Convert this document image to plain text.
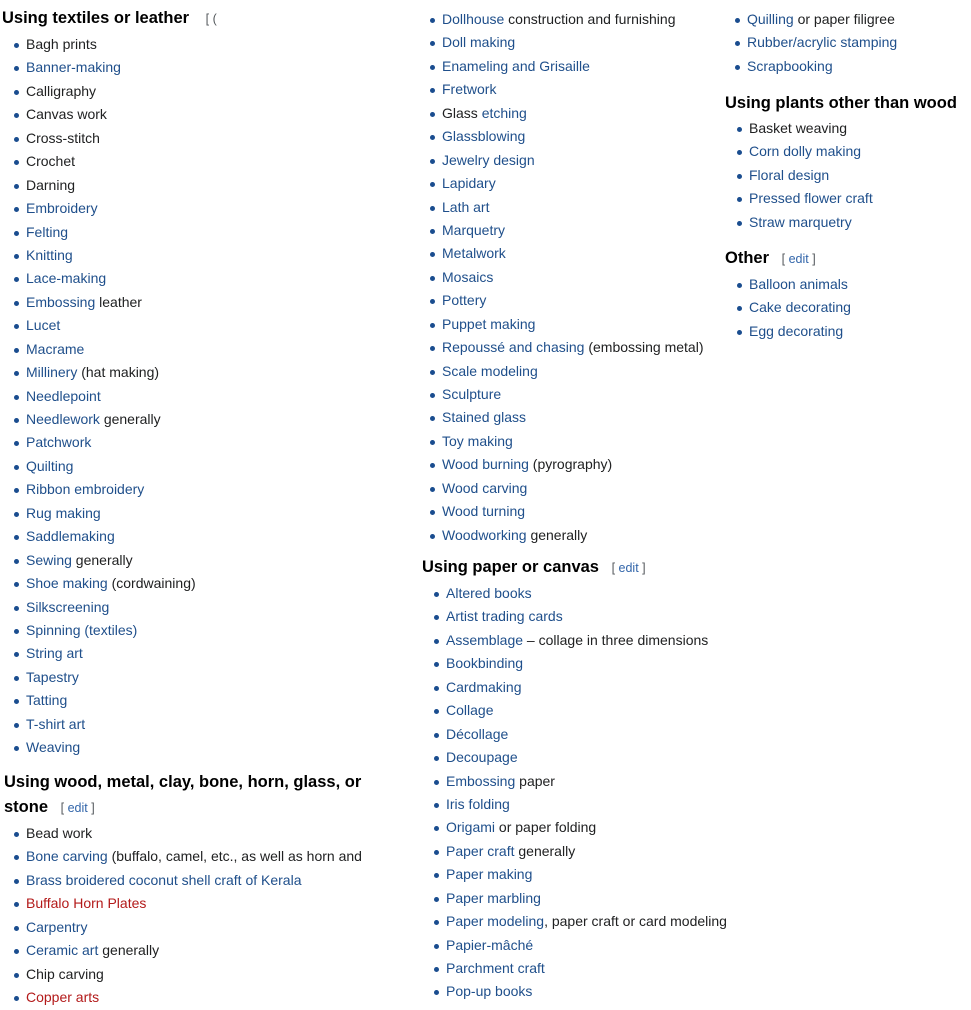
Using textiles or leather [ (
Bagh prints
Banner-making
Calligraphy
Canvas work
Cross-stitch
Crochet
Darning
Embroidery
Felting
Knitting
Lace-making
Embossing leather
Lucet
Macrame
Millinery (hat making)
Needlepoint
Needlework generally
Patchwork
Quilting
Ribbon embroidery
Rug making
Saddlemaking
Sewing generally
Shoe making (cordwaining)
Silkscreening
Spinning (textiles)
String art
Tapestry
Tatting
T-shirt art
Weaving
Using wood, metal, clay, bone, horn, glass, or
stone [ edit ]
Bead work
Bone carving (buffalo, camel, etc., as well as horn and
Brass broidered coconut shell craft of Kerala
Buffalo Horn Plates
Carpentry
Ceramic art generally
Chip carving
Copper arts
Dollhouse construction and furnishing
Doll making
Enameling and Grisaille
Fretwork
Glass etching
Glassblowing
Jewelry design
Lapidary
Lath art
Marquetry
Metalwork
Mosaics
Pottery
Puppet making
Repoussé and chasing (embossing metal)
Scale modeling
Sculpture
Stained glass
Toy making
Wood burning (pyrography)
Wood carving
Wood turning
Woodworking generally
Using paper or canvas [ edit ]
Altered books
Artist trading cards
Assemblage – collage in three dimensions
Bookbinding
Cardmaking
Collage
Décollage
Decoupage
Embossing paper
Iris folding
Origami or paper folding
Paper craft generally
Paper making
Paper marbling
Paper modeling, paper craft or card modeling
Papier-mâché
Parchment craft
Pop-up books
Quilling or paper filigree
Rubber/acrylic stamping
Scrapbooking
Using plants other than wood
Basket weaving
Corn dolly making
Floral design
Pressed flower craft
Straw marquetry
Other [ edit ]
Balloon animals
Cake decorating
Egg decorating
